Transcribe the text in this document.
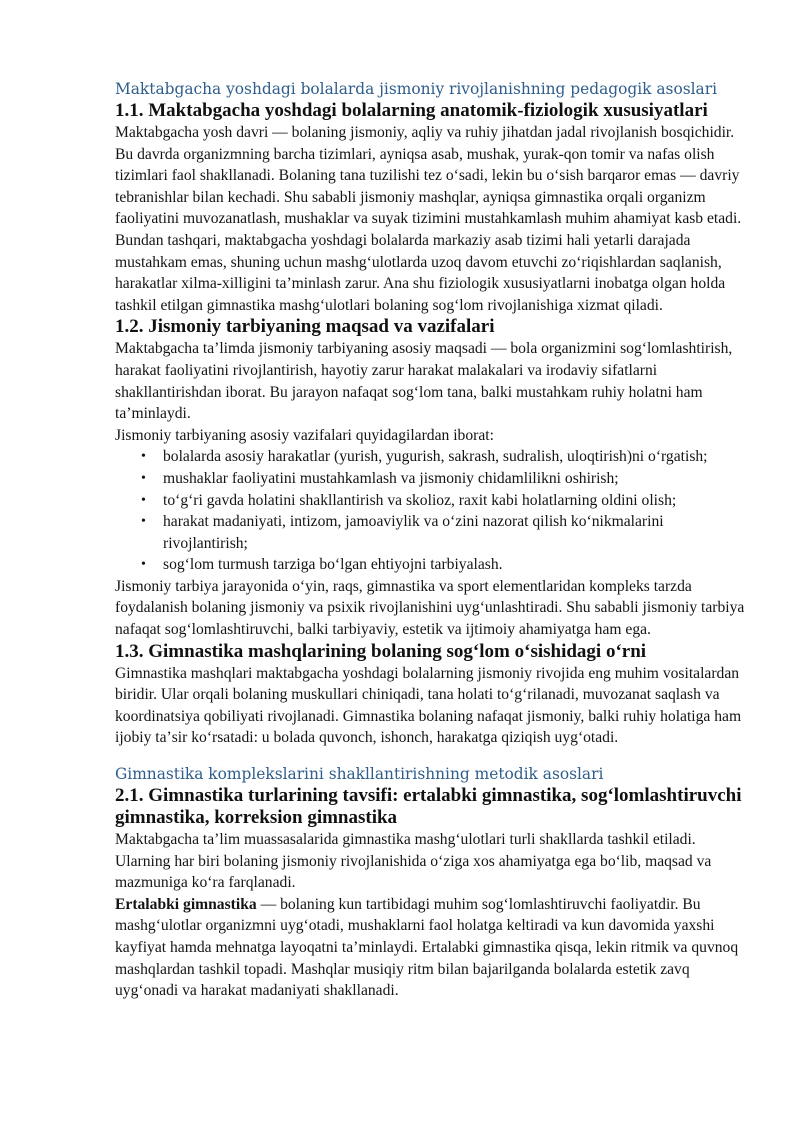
Maktabgacha yoshdagi bolalarda jismoniy rivojlanishning pedagogik asoslari
1.1. Maktabgacha yoshdagi bolalarning anatomik-fiziologik xususiyatlari

Maktabgacha yosh davri — bolaning jismoniy, aqliy va ruhiy jihatdan jadal rivojlanish bosqichidir. Bu davrda organizmning barcha tizimlari, ayniqsa asab, mushak, yurak-qon tomir va nafas olish tizimlari faol shakllanadi. Bolaning tana tuzilishi tez oʻsadi, lekin bu oʻsish barqaror emas — davriy tebranishlar bilan kechadi. Shu sababli jismoniy mashqlar, ayniqsa gimnastika orqali organizm faoliyatini muvozanatlash, mushaklar va suyak tizimini mustahkamlash muhim ahamiyat kasb etadi.

Bundan tashqari, maktabgacha yoshdagi bolalarda markaziy asab tizimi hali yetarli darajada mustahkam emas, shuning uchun mashgʻulotlarda uzoq davom etuvchi zoʻriqishlardan saqlanish, harakatlar xilma-xilligini taʼminlash zarur. Ana shu fiziologik xususiyatlarni inobatga olgan holda tashkil etilgan gimnastika mashgʻulotlari bolaning sogʻlom rivojlanishiga xizmat qiladi.

1.2. Jismoniy tarbiyaning maqsad va vazifalari

Maktabgacha taʼlimda jismoniy tarbiyaning asosiy maqsadi — bola organizmini sogʻlomlashtirish, harakat faoliyatini rivojlantirish, hayotiy zarur harakat malakalari va irodaviy sifatlarni shakllantirishdan iborat. Bu jarayon nafaqat sogʻlom tana, balki mustahkam ruhiy holatni ham taʼminlaydi.

Jismoniy tarbiyaning asosiy vazifalari quyidagilardan iborat:

• bolalarda asosiy harakatlar (yurish, yugurish, sakrash, sudralish, uloqtirish)ni oʻrgatish;
• mushaklar faoliyatini mustahkamlash va jismoniy chidamlilikni oshirish;
• toʻgʻri gavda holatini shakllantirish va skolioz, raxit kabi holatlarning oldini olish;
• harakat madaniyati, intizom, jamoaviylik va oʻzini nazorat qilish koʻnikmalarini rivojlantirish;
• sogʻlom turmush tarziga boʻlgan ehtiyojni tarbiyalash.

Jismoniy tarbiya jarayonida oʻyin, raqs, gimnastika va sport elementlaridan kompleks tarzda foydalanish bolaning jismoniy va psixik rivojlanishini uygʻunlashtiradi. Shu sababli jismoniy tarbiya nafaqat sogʻlomlashtiruvchi, balki tarbiyaviy, estetik va ijtimoiy ahamiyatga ham ega.

1.3. Gimnastika mashqlarining bolaning sogʻlom oʻsishidagi oʻrni

Gimnastika mashqlari maktabgacha yoshdagi bolalarning jismoniy rivojida eng muhim vositalardan biridir. Ular orqali bolaning muskullari chiniqadi, tana holati toʻgʻrilanadi, muvozanat saqlash va koordinatsiya qobiliyati rivojlanadi. Gimnastika bolaning nafaqat jismoniy, balki ruhiy holatiga ham ijobiy taʼsir koʻrsatadi: u bolada quvonch, ishonch, harakatga qiziqish uygʻotadi.

Gimnastika komplekslarini shakllantirishning metodik asoslari
2.1. Gimnastika turlarining tavsifi: ertalabki gimnastika, sogʻlomlashtiruvchi gimnastika, korreksion gimnastika

Maktabgacha taʼlim muassasalarida gimnastika mashgʻulotlari turli shakllarda tashkil etiladi. Ularning har biri bolaning jismoniy rivojlanishida oʻziga xos ahamiyatga ega boʻlib, maqsad va mazmuniga koʻra farqlanadi.

Ertalabki gimnastika — bolaning kun tartibidagi muhim sogʻlomlashtiruvchi faoliyatdir. Bu mashgʻulotlar organizmni uygʻotadi, mushaklarni faol holatga keltiradi va kun davomida yaxshi kayfiyat hamda mehnatga layoqatni taʼminlaydi. Ertalabki gimnastika qisqa, lekin ritmik va quvnoq mashqlardan tashkil topadi. Mashqlar musiqiy ritm bilan bajarilganda bolalarda estetik zavq uygʻonadi va harakat madaniyati shakllanadi.
